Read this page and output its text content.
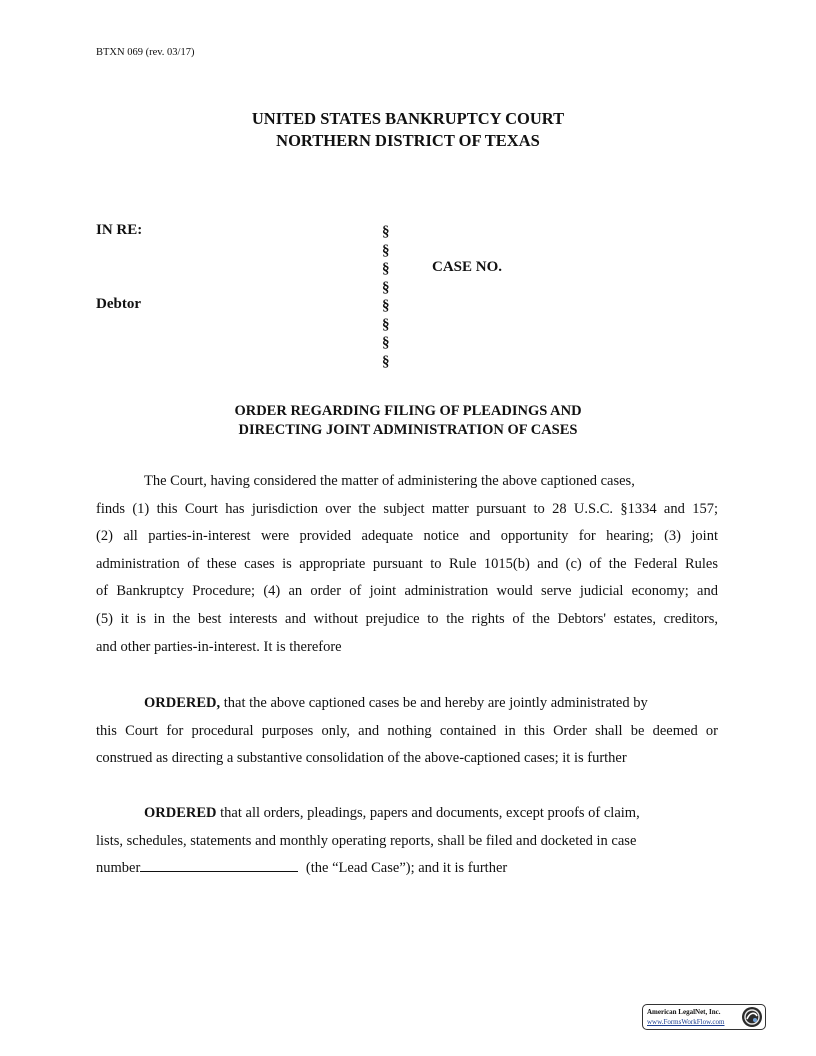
BTXN 069 (rev. 03/17)
UNITED STATES BANKRUPTCY COURT
NORTHERN DISTRICT OF TEXAS
IN RE:
Debtor
§
§
§
§
§
§
§
§
CASE NO.
ORDER REGARDING FILING OF PLEADINGS AND
DIRECTING JOINT ADMINISTRATION OF CASES
The Court, having considered the matter of administering the above captioned cases,
finds (1) this Court has jurisdiction over the subject matter pursuant to 28 U.S.C. §1334 and 157;
(2) all parties-in-interest were provided adequate notice and opportunity for hearing; (3) joint
administration of these cases is appropriate pursuant to Rule 1015(b) and (c) of the Federal Rules
of Bankruptcy Procedure; (4) an order of joint administration would serve judicial economy; and
(5) it is in the best interests and without prejudice to the rights of the Debtors' estates, creditors,
and other parties-in-interest. It is therefore
ORDERED, that the above captioned cases be and hereby are jointly administrated by
this Court for procedural purposes only, and nothing contained in this Order shall be deemed or
construed as directing a substantive consolidation of the above-captioned cases; it is further
ORDERED that all orders, pleadings, papers and documents, except proofs of claim,
lists, schedules, statements and monthly operating reports, shall be filed and docketed in case
number	(the “Lead Case”); and it is further
American LegalNet, Inc.
www.FormsWorkFlow.com
